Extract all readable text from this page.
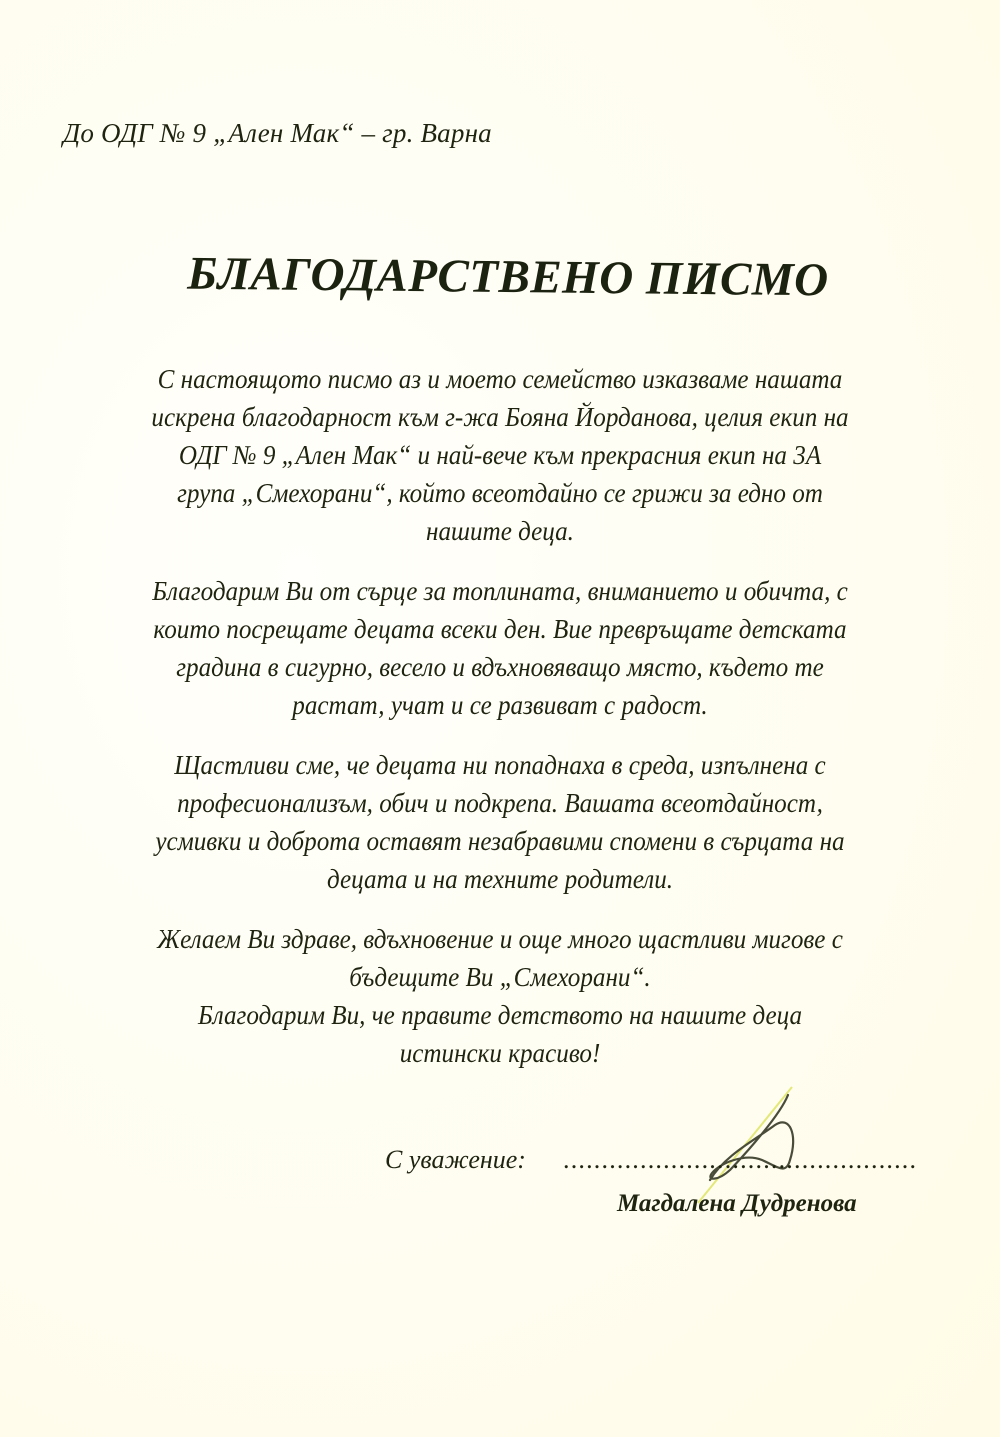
До ОДГ № 9 „Ален Мак“ – гр. Варна
БЛАГОДАРСТВЕНО ПИСМО

С настоящото писмо аз и моето семейство изказваме нашата
искрена благодарност към г-жа Бояна Йорданова, целия екип на
ОДГ № 9 „Ален Мак“ и най-вече към прекрасния екип на 3А
група „Смехорани“, който всеотдайно се грижи за едно от
нашите деца.

Благодарим Ви от сърце за топлината, вниманието и обичта, с
които посрещате децата всеки ден. Вие превръщате детската
градина в сигурно, весело и вдъхновяващо място, където те
растат, учат и се развиват с радост.

Щастливи сме, че децата ни попаднаха в среда, изпълнена с
професионализъм, обич и подкрепа. Вашата всеотдайност,
усмивки и доброта оставят незабравими спомени в сърцата на
децата и на техните родители.

Желаем Ви здраве, вдъхновение и още много щастливи мигове с
бъдещите Ви „Смехорани“.
Благодарим Ви, че правите детството на нашите деца
истински красиво!

С уважение: ..............................................
Магдалена Дудренова
